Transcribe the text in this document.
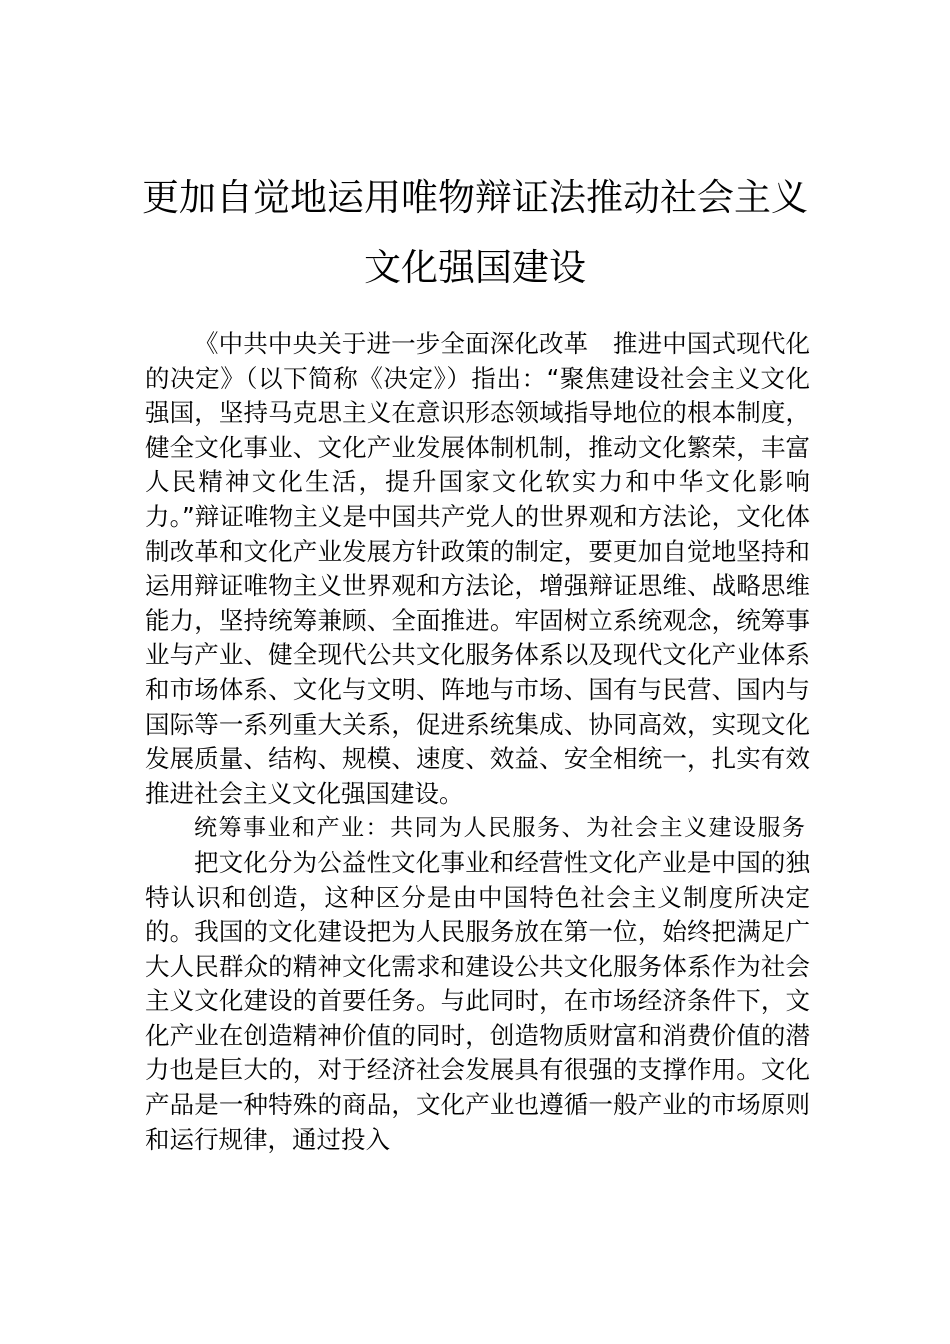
更加自觉地运用唯物辩证法推动社会主义
文化强国建设

《中共中央关于进一步全面深化改革　推进中国式现代化的决定》（以下简称《决定》）指出：“聚焦建设社会主义文化强国，坚持马克思主义在意识形态领域指导地位的根本制度，健全文化事业、文化产业发展体制机制，推动文化繁荣，丰富人民精神文化生活，提升国家文化软实力和中华文化影响力。”辩证唯物主义是中国共产党人的世界观和方法论，文化体制改革和文化产业发展方针政策的制定，要更加自觉地坚持和运用辩证唯物主义世界观和方法论，增强辩证思维、战略思维能力，坚持统筹兼顾、全面推进。牢固树立系统观念，统筹事业与产业、健全现代公共文化服务体系以及现代文化产业体系和市场体系、文化与文明、阵地与市场、国有与民营、国内与国际等一系列重大关系，促进系统集成、协同高效，实现文化发展质量、结构、规模、速度、效益、安全相统一，扎实有效推进社会主义文化强国建设。

统筹事业和产业：共同为人民服务、为社会主义建设服务

把文化分为公益性文化事业和经营性文化产业是中国的独特认识和创造，这种区分是由中国特色社会主义制度所决定的。我国的文化建设把为人民服务放在第一位，始终把满足广大人民群众的精神文化需求和建设公共文化服务体系作为社会主义文化建设的首要任务。与此同时，在市场经济条件下，文化产业在创造精神价值的同时，创造物质财富和消费价值的潜力也是巨大的，对于经济社会发展具有很强的支撑作用。文化产品是一种特殊的商品，文化产业也遵循一般产业的市场原则和运行规律，通过投入
